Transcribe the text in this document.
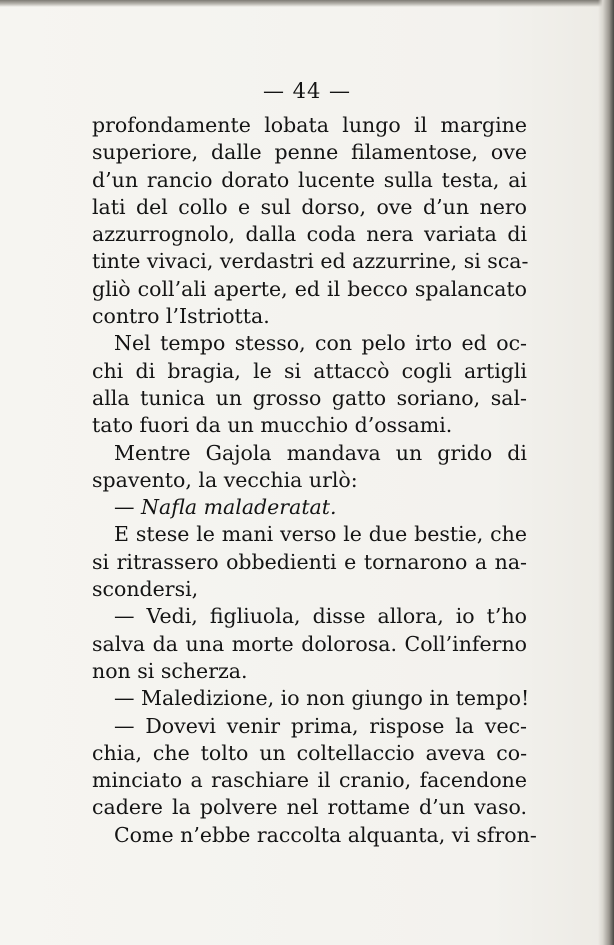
— 44 —
profondamente lobata lungo il margine
superiore, dalle penne filamentose, ove
d’un rancio dorato lucente sulla testa, ai
lati del collo e sul dorso, ove d’un nero
azzurrognolo, dalla coda nera variata di
tinte vivaci, verdastri ed azzurrine, si sca-
gliò coll’ali aperte, ed il becco spalancato
contro l’Istriotta.
Nel tempo stesso, con pelo irto ed oc-
chi di bragia, le si attaccò cogli artigli
alla tunica un grosso gatto soriano, sal-
tato fuori da un mucchio d’ossami.
Mentre Gajola mandava un grido di
spavento, la vecchia urlò:
— Nafla maladeratat.
E stese le mani verso le due bestie, che
si ritrassero obbedienti e tornarono a na-
scondersi,
— Vedi, figliuola, disse allora, io t’ho
salva da una morte dolorosa. Coll’inferno
non si scherza.
— Maledizione, io non giungo in tempo!
— Dovevi venir prima, rispose la vec-
chia, che tolto un coltellaccio aveva co-
minciato a raschiare il cranio, facendone
cadere la polvere nel rottame d’un vaso.
Come n’ebbe raccolta alquanta, vi sfron-
